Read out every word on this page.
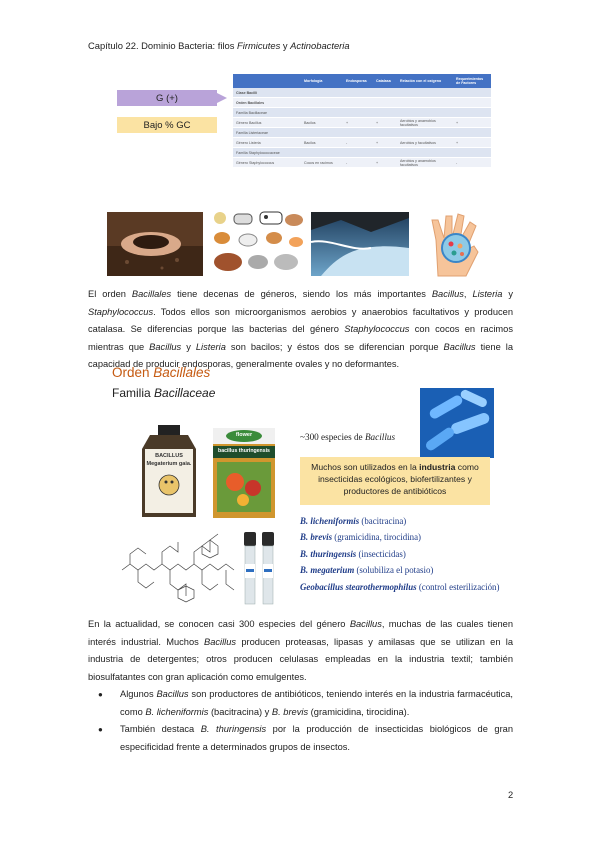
Capítulo 22. Dominio Bacteria: filos Firmicutes y Actinobacteria
G (+)
Bajo % GC
	Morfología	Endosporas	Catalasa	Relación con el oxígeno	Requerimientos de Factores
Clase Bacilli					
Orden Bacillales					
Familia Bacillaceae					
Género Bacillus	Bacilos	+	+	Aerobios y anaerobios facultativos	+
Familia Listeriaceae					
Género Listeria	Bacilos	-	+	Aerobios y facultativos	+
Familia Staphylococcaceae					
Género Staphylococcus	Cocos en racimos	-	+	Aerobios y anaerobios facultativos	-
El orden Bacillales tiene decenas de géneros, siendo los más importantes Bacillus, Listeria y Staphylococcus. Todos ellos son microorganismos aerobios y anaerobios facultativos y producen catalasa. Se diferencias porque las bacterias del género Staphylococcus con cocos en racimos mientras que Bacillus y Listeria son bacilos; y éstos dos se diferencian porque Bacillus tiene la capacidad de producir endosporas, generalmente ovales y no deformantes.
Orden Bacillales
Familia Bacillaceae
BACILLUS Megaterium gaia.
flower
bacillus thuringensis
~300 especies de Bacillus
Muchos son utilizados en la industria como insecticidas ecológicos, biofertilizantes y productores de antibióticos
B. licheniformis (bacitracina)
B. brevis (gramicidina, tirocidina)
B. thuringensis (insecticidas)
B. megaterium (solubiliza el potasio)
Geobacillus stearothermophilus (control esterilización)
En la actualidad, se conocen casi 300 especies del género Bacillus, muchas de las cuales tienen interés industrial. Muchos Bacillus producen proteasas, lipasas y amilasas que se utilizan en la industria de detergentes; otros producen celulasas empleadas en la industria textil; también biosulfatantes con gran aplicación como emulgentes.
● Algunos Bacillus son productores de antibióticos, teniendo interés en la industria farmacéutica, como B. licheniformis (bacitracina) y B. brevis (gramicidina, tirocidina).
● También destaca B. thuringensis por la producción de insecticidas biológicos de gran especificidad frente a determinados grupos de insectos.
2
